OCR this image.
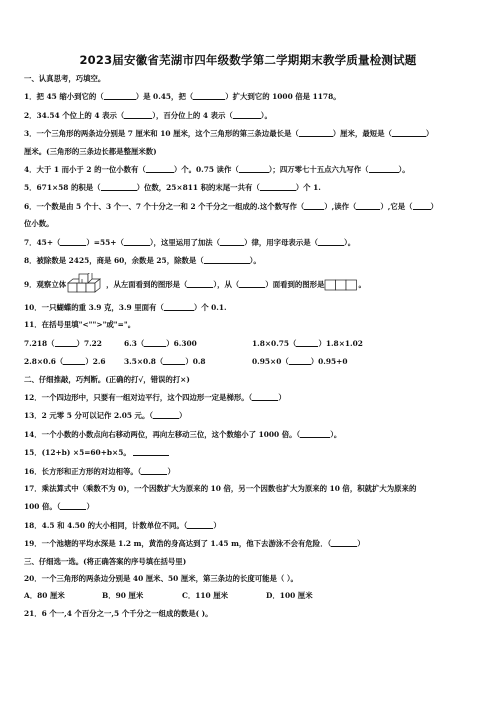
2023届安徽省芜湖市四年级数学第二学期期末教学质量检测试题
一、认真思考，巧填空。
1．把 45 缩小到它的（	）是 0.45，把（	）扩大到它的 1000 倍是 1178。
2．34.54 个位上的 4 表示（	），百分位上的 4 表示（	）。
3．一个三角形的两条边分别是 7 厘米和 10 厘米，这个三角形的第三条边最长是（	）厘米，最短是（	）
厘米。(三角形的三条边长都是整厘米数)
4．大于 1 而小于 2 的一位小数有（	）个。0.75 读作（	）；四万零七十五点六九写作（	）。
5．671×58 的积是（	）位数，25×811 积的末尾一共有（	）个 1.
6．一个数是由 5 个十、3 个一、7 个十分之一和 2 个千分之一组成的.这个数写作（	）,读作（	）,它是（ ）
位小数。
7．45+（	）=55+（	），这里运用了加法（	）律，用字母表示是（	）。
8．被除数是 2425，商是 60，余数是 25，除数是（	）。
9．观察立体	，从左面看到的图形是（	），从（	）面看到的图形是	。
10．一只蝴蝶的重 3.9 克，3.9 里面有（	）个 0.1.
11．在括号里填"<"">"或"="。
7.218（	）7.22	6.3（	）6.300	1.8×0.75（	）1.8×1.02
2.8×0.6（	）2.6	3.5×0.8（	）0.8	0.95×0（	）0.95+0
二、仔细推敲，巧判断。(正确的打√，错误的打×)
12．一个四边形中，只要有一组对边平行，这个四边形一定是梯形。（	）
13．2 元零 5 分可以记作 2.05 元。（	）
14．一个小数的小数点向右移动两位，再向左移动三位，这个数缩小了 1000 倍。（	）。
15．(12+b) ×5=60+b×5。
16．长方形和正方形的对边相等。（	）
17．乘法算式中（乘数不为 0)，一个因数扩大为原来的 10 倍，另一个因数也扩大为原来的 10 倍，积就扩大为原来的
100 倍。（	）
18．4.5 和 4.50 的大小相同，计数单位不同。（	）
19．一个池塘的平均水深是 1.2 m，黄浩的身高达到了 1.45 m，他下去游泳不会有危险．（	）
三、仔细选一选。(将正确答案的序号填在括号里)
20．一个三角形的两条边分别是 40 厘米、50 厘米，第三条边的长度可能是（ ）。
A．80 厘米	B．90 厘米	C．110 厘米	D．100 厘米
21．6 个一,4 个百分之一,5 个千分之一组成的数是( )。
